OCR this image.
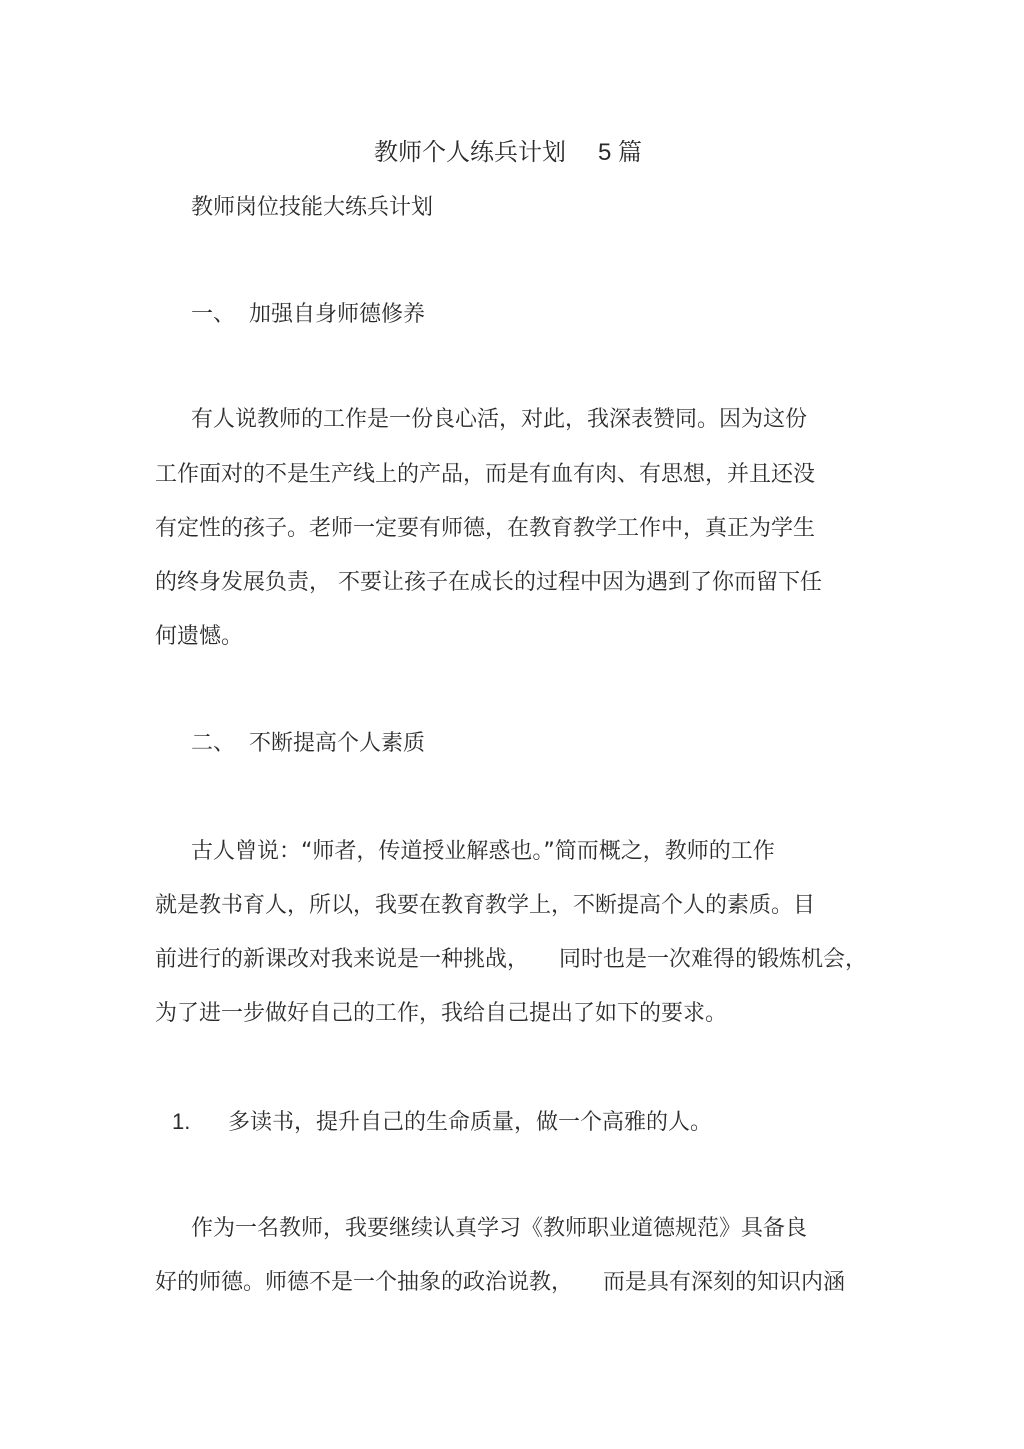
教师个人练兵计划 5 篇
教师岗位技能大练兵计划
一、 加强自身师德修养
有人说教师的工作是一份良心活，对此，我深表赞同。因为这份
工作面对的不是生产线上的产品，而是有血有肉、有思想，并且还没
有定性的孩子。老师一定要有师德，在教育教学工作中，真正为学生
的终身发展负责， 不要让孩子在成长的过程中因为遇到了你而留下任
何遗憾。
二、 不断提高个人素质
古人曾说：“师者，传道授业解惑也。”简而概之，教师的工作
就是教书育人，所以，我要在教育教学上，不断提高个人的素质。目
前进行的新课改对我来说是一种挑战， 同时也是一次难得的锻炼机会，
为了进一步做好自己的工作，我给自己提出了如下的要求。
1. 多读书，提升自己的生命质量，做一个高雅的人。
作为一名教师，我要继续认真学习《教师职业道德规范》具备良
好的师德。师德不是一个抽象的政治说教， 而是具有深刻的知识内涵
